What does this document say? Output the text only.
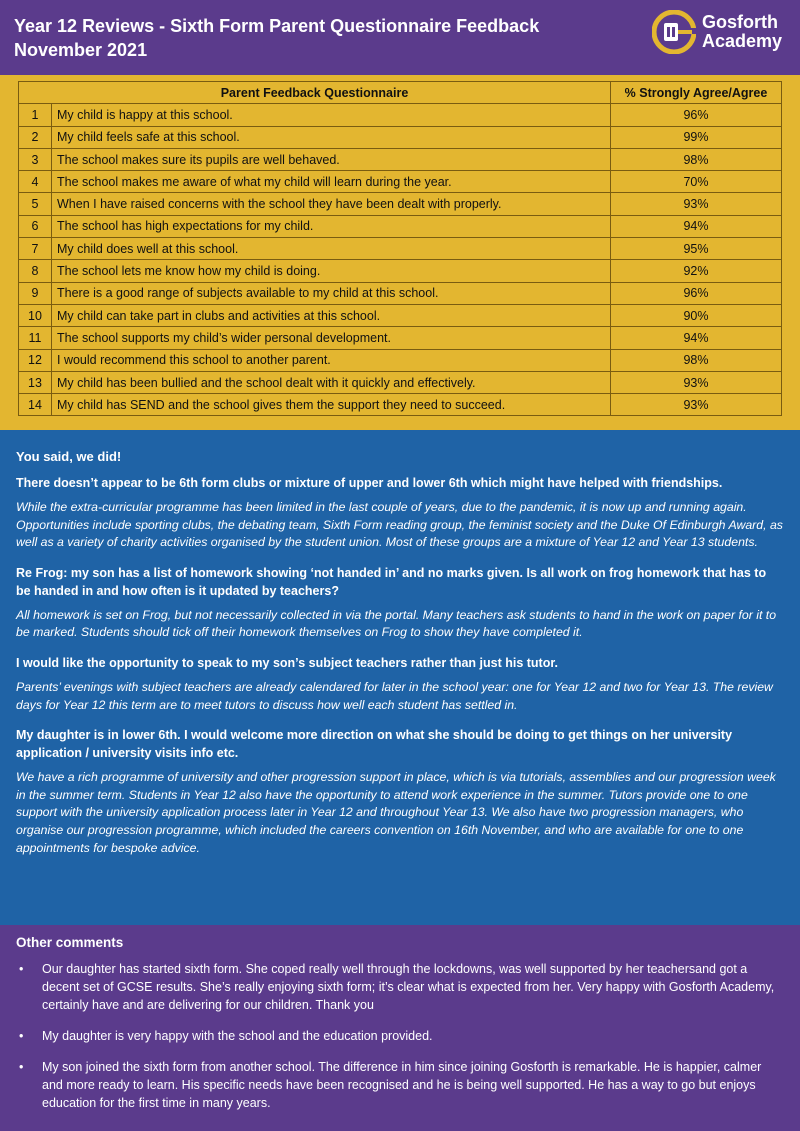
Year 12 Reviews - Sixth Form Parent Questionnaire Feedback
November 2021
Gosforth
Academy
Parent Feedback Questionnaire		% Strongly Agree/Agree
1	My child is happy at this school.	96%
2	My child feels safe at this school.	99%
3	The school makes sure its pupils are well behaved.	98%
4	The school makes me aware of what my child will learn during the year.	70%
5	When I have raised concerns with the school they have been dealt with properly.	93%
6	The school has high expectations for my child.	94%
7	My child does well at this school.	95%
8	The school lets me know how my child is doing.	92%
9	There is a good range of subjects available to my child at this school.	96%
10	My child can take part in clubs and activities at this school.	90%
11	The school supports my child’s wider personal development.	94%
12	I would recommend this school to another parent.	98%
13	My child has been bullied and the school dealt with it quickly and effectively.	93%
14	My child has SEND and the school gives them the support they need to succeed.	93%
You said, we did!
There doesn’t appear to be 6th form clubs or mixture of upper and lower 6th which might have helped with friendships.
While the extra-curricular programme has been limited in the last couple of years, due to the pandemic, it is now up and running again. Opportunities include sporting clubs, the debating team, Sixth Form reading group, the feminist society and the Duke Of Edinburgh Award, as well as a variety of charity activities organised by the student union. Most of these groups are a mixture of Year 12 and Year 13 students.
Re Frog: my son has a list of homework showing ‘not handed in’ and no marks given. Is all work on frog homework that has to be handed in and how often is it updated by teachers?
All homework is set on Frog, but not necessarily collected in via the portal. Many teachers ask students to hand in the work on paper for it to be marked. Students should tick off their homework themselves on Frog to show they have completed it.
I would like the opportunity to speak to my son’s subject teachers rather than just his tutor.
Parents’ evenings with subject teachers are already calendared for later in the school year: one for Year 12 and two for Year 13. The review days for Year 12 this term are to meet tutors to discuss how well each student has settled in.
My daughter is in lower 6th. I would welcome more direction on what she should be doing to get things on her university application / university visits info etc.
We have a rich programme of university and other progression support in place, which is via tutorials, assemblies and our progression week in the summer term. Students in Year 12 also have the opportunity to attend work experience in the summer. Tutors provide one to one support with the university application process later in Year 12 and throughout Year 13. We also have two progression managers, who organise our progression programme, which included the careers convention on 16th November, and who are available for one to one appointments for bespoke advice.
Other comments
• Our daughter has started sixth form. She coped really well through the lockdowns, was well supported by her teachersand got a decent set of GCSE results. She’s really enjoying sixth form; it’s clear what is expected from her. Very happy with Gosforth Academy, certainly have and are delivering for our children. Thank you
• My daughter is very happy with the school and the education provided.
• My son joined the sixth form from another school. The difference in him since joining Gosforth is remarkable. He is happier, calmer and more ready to learn. His specific needs have been recognised and he is being well supported. He has a way to go but enjoys education for the first time in many years.
